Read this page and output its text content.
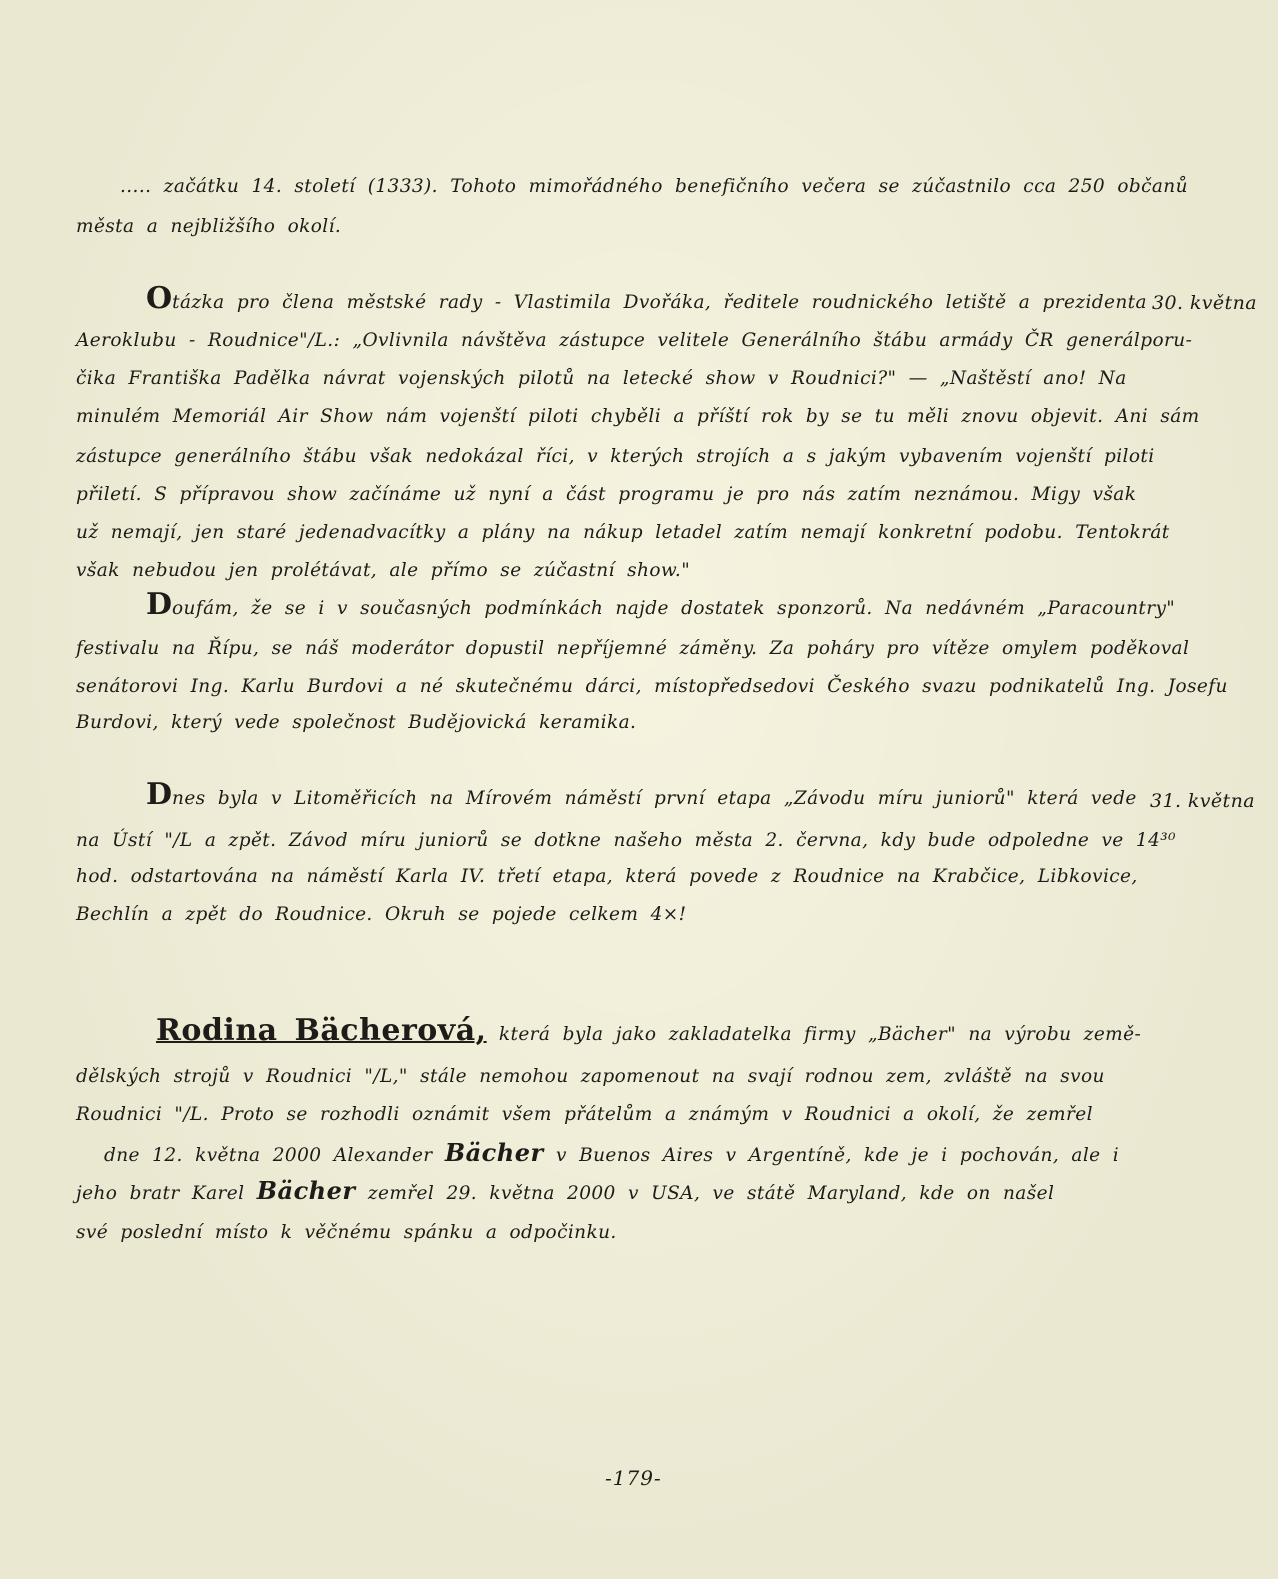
..... začátku 14. století (1333). Tohoto mimořádného benefičního večera se zúčastnilo cca 250 občanů
města a nejbližšího okolí.
30. května
Otázka pro člena městské rady - Vlastimila Dvořáka, ředitele roudnického letiště a prezidenta
Aeroklubu - Roudnice"/L.: „Ovlivnila návštěva zástupce velitele Generálního štábu armády ČR generálporu-
čika Františka Padělka návrat vojenských pilotů na letecké show v Roudnici?" — „Naštěstí ano! Na
minulém Memoriál Air Show nám vojenští piloti chyběli a příští rok by se tu měli znovu objevit. Ani sám
zástupce generálního štábu však nedokázal říci, v kterých strojích a s jakým vybavením vojenští piloti
přiletí. S přípravou show začínáme už nyní a část programu je pro nás zatím neznámou. Migy však
už nemají, jen staré jedenadvacítky a plány na nákup letadel zatím nemají konkretní podobu. Tentokrát
však nebudou jen prolétávat, ale přímo se zúčastní show."
Doufám, že se i v současných podmínkách najde dostatek sponzorů. Na nedávném „Paracountry"
festivalu na Řípu, se náš moderátor dopustil nepříjemné záměny. Za poháry pro vítěze omylem poděkoval
senátorovi Ing. Karlu Burdovi a né skutečnému dárci, místopředsedovi Českého svazu podnikatelů Ing. Josefu
Burdovi, který vede společnost Budějovická keramika.
31. května
Dnes byla v Litoměřicích na Mírovém náměstí první etapa „Závodu míru juniorů" která vede
na Ústí "/L a zpět. Závod míru juniorů se dotkne našeho města 2. června, kdy bude odpoledne ve 14³⁰
hod. odstartována na náměstí Karla IV. třetí etapa, která povede z Roudnice na Krabčice, Libkovice,
Bechlín a zpět do Roudnice. Okruh se pojede celkem 4×!
Rodina Bächerová, která byla jako zakladatelka firmy „Bächer" na výrobu země-
dělských strojů v Roudnici "/L," stále nemohou zapomenout na svají rodnou zem, zvláště na svou
Roudnici "/L. Proto se rozhodli oznámit všem přátelům a známým v Roudnici a okolí, že zemřel
dne 12. května 2000 Alexander Bächer v Buenos Aires v Argentíně, kde je i pochován, ale i
jeho bratr Karel Bächer zemřel 29. května 2000 v USA, ve státě Maryland, kde on našel
své poslední místo k věčnému spánku a odpočinku.
-179-
